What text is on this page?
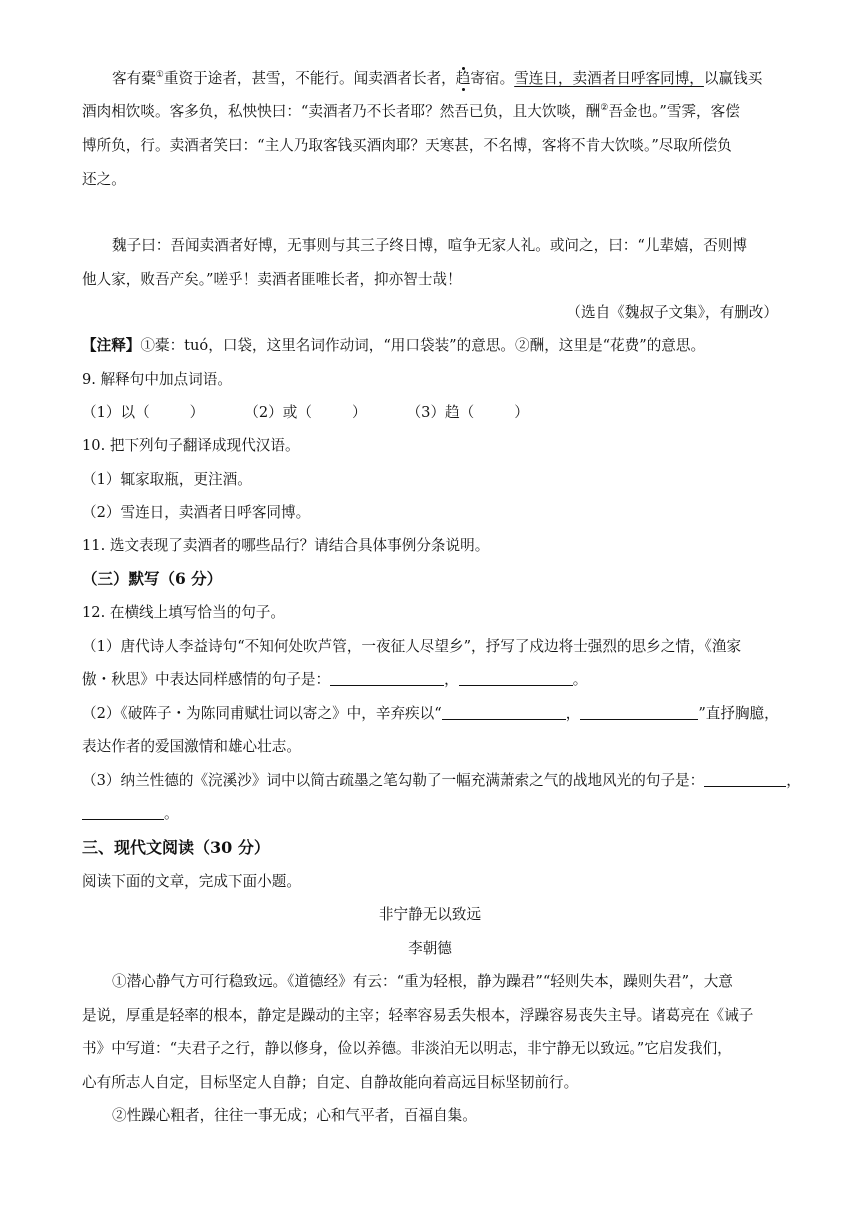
客有橐①重资于途者，甚雪，不能行。闻卖酒者长者，趋寄宿。雪连日，卖酒者日呼客同博，以赢钱买
酒肉相饮啖。客多负，私怏怏曰：“卖酒者乃不长者耶？然吾已负，且大饮啖，酬②吾金也。”雪霁，客偿
博所负，行。卖酒者笑曰：“主人乃取客钱买酒肉耶？天寒甚，不名博，客将不肯大饮啖。”尽取所偿负
还之。
魏子曰：吾闻卖酒者好博，无事则与其三子终日博，喧争无家人礼。或问之，曰：“儿辈嬉，否则博
他人家，败吾产矣。”嗟乎！卖酒者匪唯长者，抑亦智士哉！
（选自《魏叔子文集》，有删改）
【注释】①橐：tuó，口袋，这里名词作动词，“用口袋装”的意思。②酬，这里是“花费”的意思。
9. 解释句中加点词语。
（1）以（	）	（2）或（	）	（3）趋（	）
10. 把下列句子翻译成现代汉语。
（1）辄家取瓶，更注酒。
（2）雪连日，卖酒者日呼客同博。
11. 选文表现了卖酒者的哪些品行？请结合具体事例分条说明。
（三）默写（6 分）
12. 在横线上填写恰当的句子。
（1）唐代诗人李益诗句“不知何处吹芦管，一夜征人尽望乡”，抒写了戍边将士强烈的思乡之情，《渔家
傲・秋思》中表达同样感情的句子是：	，	。
（2）《破阵子・为陈同甫赋壮词以寄之》中，辛弃疾以“	，	”直抒胸臆，
表达作者的爱国激情和雄心壮志。
（3）纳兰性德的《浣溪沙》词中以简古疏墨之笔勾勒了一幅充满萧索之气的战地风光的句子是：	，
。
三、现代文阅读（30 分）
阅读下面的文章，完成下面小题。
非宁静无以致远
李朝德
①潜心静气方可行稳致远。《道德经》有云：“重为轻根，静为躁君”“轻则失本，躁则失君”，大意
是说，厚重是轻率的根本，静定是躁动的主宰；轻率容易丢失根本，浮躁容易丧失主导。诸葛亮在《诫子
书》中写道：“夫君子之行，静以修身，俭以养德。非淡泊无以明志，非宁静无以致远。”它启发我们，
心有所志人自定，目标坚定人自静；自定、自静故能向着高远目标坚韧前行。
②性躁心粗者，往往一事无成；心和气平者，百福自集。
